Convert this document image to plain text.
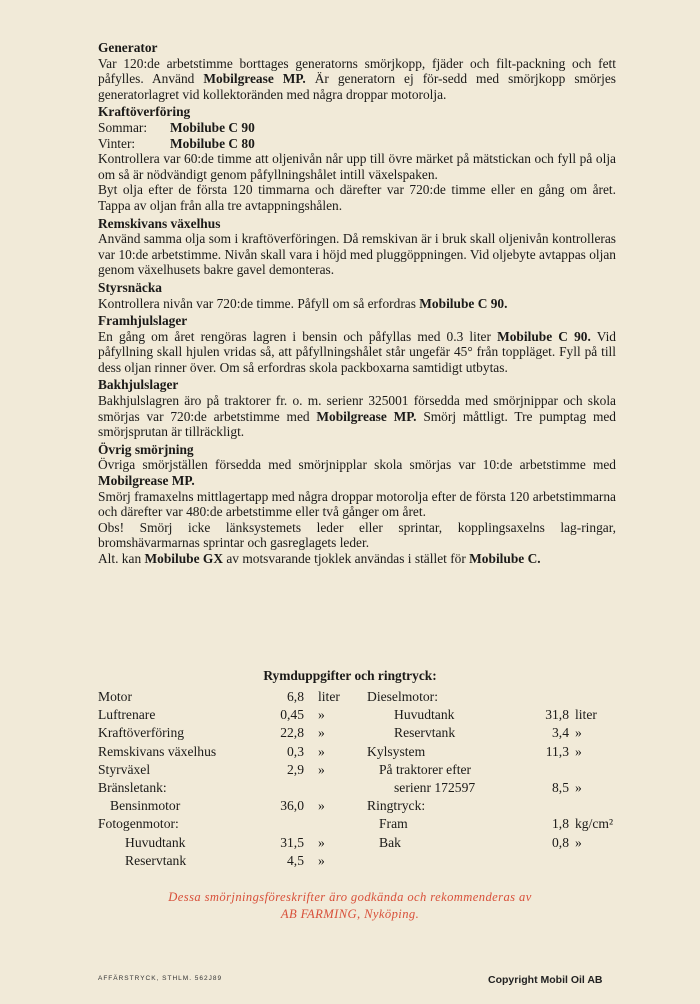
Generator
Var 120:de arbetstimme borttages generatorns smörjkopp, fjäder och filt-packning och fett påfylles. Använd Mobilgrease MP. Är generatorn ej för-sedd med smörjkopp smörjes generatorlagret vid kollektoränden med några droppar motorolja.
Kraftöverföring
Sommar:	Mobilube C 90
Vinter:	Mobilube C 80
Kontrollera var 60:de timme att oljenivån når upp till övre märket på mätstickan och fyll på olja om så är nödvändigt genom påfyllningshålet intill växelspaken.
Byt olja efter de första 120 timmarna och därefter var 720:de timme eller en gång om året. Tappa av oljan från alla tre avtappningshålen.
Remskivans växelhus
Använd samma olja som i kraftöverföringen. Då remskivan är i bruk skall oljenivån kontrolleras var 10:de arbetstimme. Nivån skall vara i höjd med pluggöppningen. Vid oljebyte avtappas oljan genom växelhusets bakre gavel demonteras.
Styrsnäcka
Kontrollera nivån var 720:de timme. Påfyll om så erfordras Mobilube C 90.
Framhjulslager
En gång om året rengöras lagren i bensin och påfyllas med 0.3 liter Mobilube C 90. Vid påfyllning skall hjulen vridas så, att påfyllningshålet står ungefär 45° från toppläget. Fyll på till dess oljan rinner över. Om så erfordras skola packboxarna samtidigt utbytas.
Bakhjulslager
Bakhjulslagren äro på traktorer fr. o. m. serienr 325001 försedda med smörjnippar och skola smörjas var 720:de arbetstimme med Mobilgrease MP. Smörj måttligt. Tre pumptag med smörjsprutan är tillräckligt.
Övrig smörjning
Övriga smörjställen försedda med smörjnipplar skola smörjas var 10:de arbetstimme med Mobilgrease MP.
Smörj framaxelns mittlagertapp med några droppar motorolja efter de första 120 arbetstimmarna och därefter var 480:de arbetstimme eller två gånger om året.
Obs! Smörj icke länksystemets leder eller sprintar, kopplingsaxelns lag-ringar, bromshävarmarnas sprintar och gasreglagets leder.
Alt. kan Mobilube GX av motsvarande tjoklek användas i stället för Mobilube C.
Rymduppgifter och ringtryck:
Motor	6,8 liter
Luftrenare	0,45 »
Kraftöverföring	22,8 »
Remskivans växelhus	0,3 »
Styrväxel	2,9 »
Bränsletank:
Bensinmotor	36,0 »
Fotogenmotor:
Huvudtank	31,5 »
Reservtank	4,5 »
Dieselmotor:
Huvudtank	31,8 liter
Reservtank	3,4 »
Kylsystem	11,3 »
På traktorer efter
serienr 172597	8,5 »
Ringtryck:
Fram	1,8 kg/cm²
Bak	0,8 »
Dessa smörjningsföreskrifter äro godkända och rekommenderas av
AB FARMING, Nyköping.
AFFÄRSTRYCK, STHLM. 562J89	Copyright Mobil Oil AB
